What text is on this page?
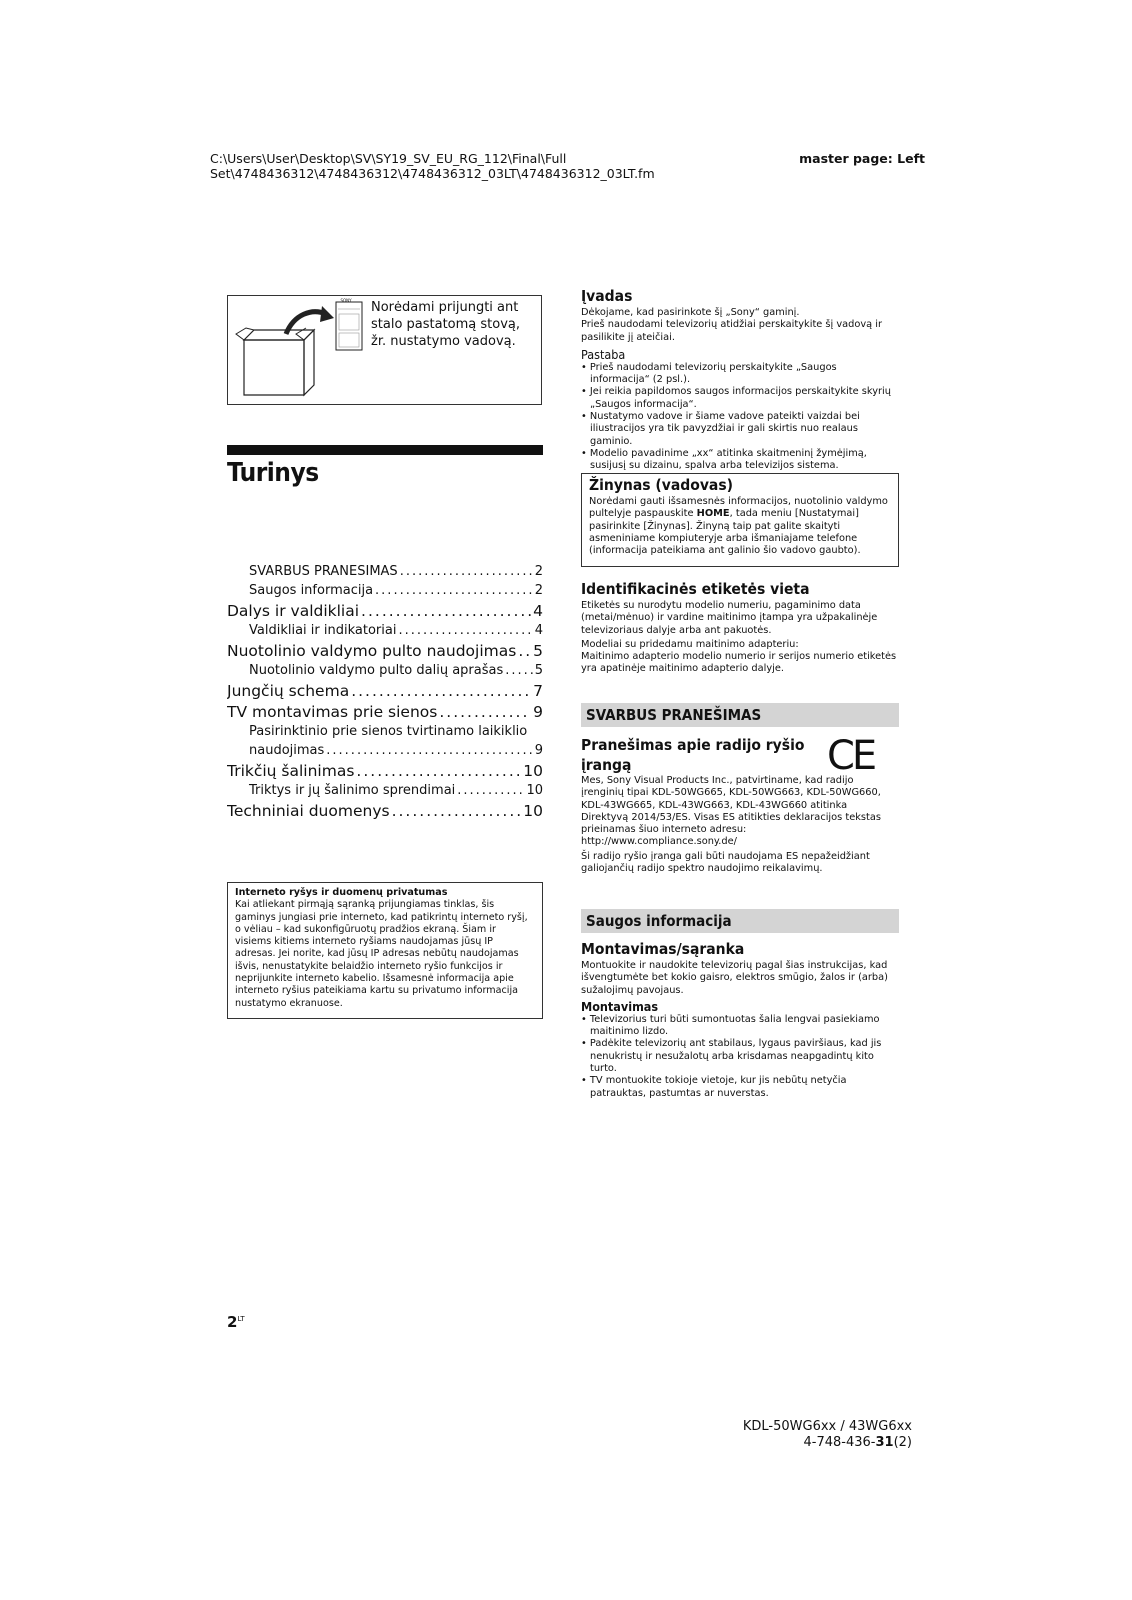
C:\Users\User\Desktop\SV\SY19_SV_EU_RG_112\Final\Full
Set\4748436312\4748436312\4748436312_03LT\4748436312_03LT.fm
master page: Left
SONY	Norėdami prijungti ant stalo pastatomą stovą, žr. nustatymo vadovą.
Turinys
SVARBUS PRANEŠIMAS .....	2
Saugos informacija .....	2
Dalys ir valdikliai .....	4
Valdikliai ir indikatoriai .....	4
Nuotolinio valdymo pulto naudojimas ..... 5
Nuotolinio valdymo pulto dalių aprašas ..... 5
Jungčių schema .....	7
TV montavimas prie sienos .....	9
Pasirinktinio prie sienos tvirtinamo laikiklio
naudojimas .....	9
Trikčių šalinimas .....	10
Triktys ir jų šalinimo sprendimai .....	10
Techniniai duomenys .....	10
Interneto ryšys ir duomenų privatumas
Kai atliekant pirmąją sąranką prijungiamas tinklas, šis gaminys jungiasi prie interneto, kad patikrintų interneto ryšį, o vėliau – kad sukonfigūruotų pradžios ekraną. Šiam ir visiems kitiems interneto ryšiams naudojamas jūsų IP adresas. Jei norite, kad jūsų IP adresas nebūtų naudojamas išvis, nenustatykite belaidžio interneto ryšio funkcijos ir neprijunkite interneto kabelio. Išsamesnė informacija apie interneto ryšius pateikiama kartu su privatumo informacija nustatymo ekranuose.
$2^{LT}$
KDL-50WG6xx / 43WG6xx
4-748-436-31(2)
Įvadas
Dėkojame, kad pasirinkote šį „Sony“ gaminį.
Prieš naudodami televizorių atidžiai perskaitykite šį vadovą ir pasilikite jį ateičiai.
Pastaba
• Prieš naudodami televizorių perskaitykite „Saugos informacija“ (2 psl.).
• Jei reikia papildomos saugos informacijos perskaitykite skyrių „Saugos informacija“.
• Nustatymo vadove ir šiame vadove pateikti vaizdai bei iliustracijos yra tik pavyzdžiai ir gali skirtis nuo realaus gaminio.
• Modelio pavadinime „xx“ atitinka skaitmeninį žymėjimą, susijusį su dizainu, spalva arba televizijos sistema.
Žinynas (vadovas)
Norėdami gauti išsamesnės informacijos, nuotolinio valdymo pultelyje paspauskite HOME, tada meniu [Nustatymai] pasirinkite [Žinynas]. Žinyną taip pat galite skaityti asmeniniame kompiuteryje arba išmaniajame telefone (informacija pateikiama ant galinio šio vadovo gaubto).
Identifikacinės etiketės vieta
Etiketės su nurodytu modelio numeriu, pagaminimo data (metai/mėnuo) ir vardine maitinimo įtampa yra užpakalinėje televizoriaus dalyje arba ant pakuotės.
Modeliai su pridedamu maitinimo adapteriu:
Maitinimo adapterio modelio numerio ir serijos numerio etiketės yra apatinėje maitinimo adapterio dalyje.
SVARBUS PRANEŠIMAS
Pranešimas apie radijo ryšio
įrangą	CE
Mes, Sony Visual Products Inc., patvirtiname, kad radijo įrenginių tipai KDL-50WG665, KDL-50WG663, KDL-50WG660, KDL-43WG665, KDL-43WG663, KDL-43WG660 atitinka Direktyvą 2014/53/ES. Visas ES atitikties deklaracijos tekstas prieinamas šiuo interneto adresu: http://www.compliance.sony.de/
Ši radijo ryšio įranga gali būti naudojama ES nepažeidžiant galiojančių radijo spektro naudojimo reikalavimų.
Saugos informacija
Montavimas/sąranka
Montuokite ir naudokite televizorių pagal šias instrukcijas, kad išvengtumėte bet kokio gaisro, elektros smūgio, žalos ir (arba) sužalojimų pavojaus.
Montavimas
• Televizorius turi būti sumontuotas šalia lengvai pasiekiamo maitinimo lizdo.
• Padėkite televizorių ant stabilaus, lygaus paviršiaus, kad jis nenukristų ir nesužalotų arba krisdamas neapgadintų kito turto.
• TV montuokite tokioje vietoje, kur jis nebūtų netyčia patrauktas, pastumtas ar nuverstas.
